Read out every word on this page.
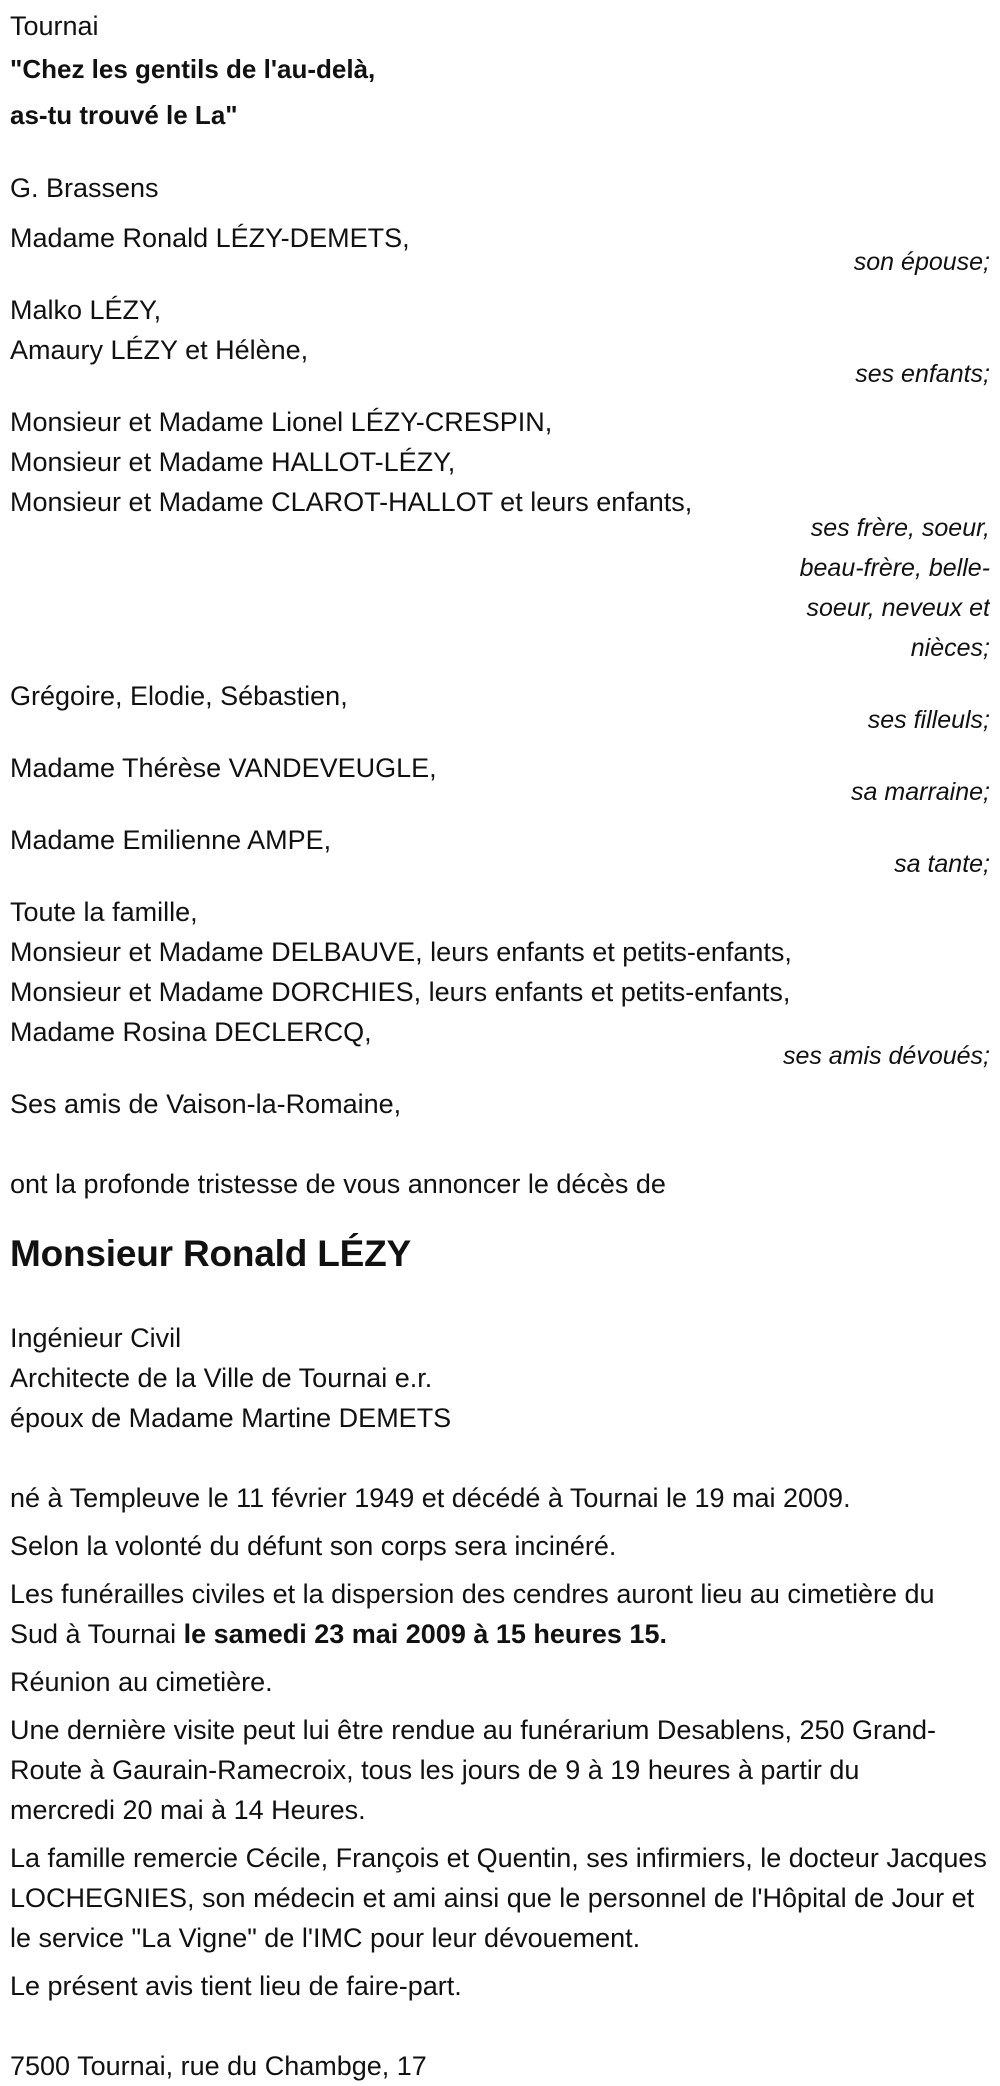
Tournai
"Chez les gentils de l'au-delà,
as-tu trouvé le La"
G. Brassens
Madame Ronald LÉZY-DEMETS,
son épouse;
Malko LÉZY,
Amaury LÉZY et Hélène,
ses enfants;
Monsieur et Madame Lionel LÉZY-CRESPIN,
Monsieur et Madame HALLOT-LÉZY,
Monsieur et Madame CLAROT-HALLOT et leurs enfants,
ses frère, soeur, beau-frère, belle-soeur, neveux et nièces;
Grégoire, Elodie, Sébastien,
ses filleuls;
Madame Thérèse VANDEVEUGLE,
sa marraine;
Madame Emilienne AMPE,
sa tante;
Toute la famille,
Monsieur et Madame DELBAUVE, leurs enfants et petits-enfants,
Monsieur et Madame DORCHIES, leurs enfants et petits-enfants,
Madame Rosina DECLERCQ,
ses amis dévoués;
Ses amis de Vaison-la-Romaine,
ont la profonde tristesse de vous annoncer le décès de
Monsieur Ronald LÉZY
Ingénieur Civil
Architecte de la Ville de Tournai e.r.
époux de Madame Martine DEMETS

né à Templeuve le 11 février 1949 et décédé à Tournai le 19 mai 2009.

Selon la volonté du défunt son corps sera incinéré.

Les funérailles civiles et la dispersion des cendres auront lieu au cimetière du Sud à Tournai le samedi 23 mai 2009 à 15 heures 15.

Réunion au cimetière.

Une dernière visite peut lui être rendue au funérarium Desablens, 250 Grand-Route à Gaurain-Ramecroix, tous les jours de 9 à 19 heures à partir du mercredi 20 mai à 14 Heures.

La famille remercie Cécile, François et Quentin, ses infirmiers, le docteur Jacques LOCHEGNIES, son médecin et ami ainsi que le personnel de l'Hôpital de Jour et le service "La Vigne" de l'IMC pour leur dévouement.

Le présent avis tient lieu de faire-part.

7500 Tournai, rue du Chambge, 17
